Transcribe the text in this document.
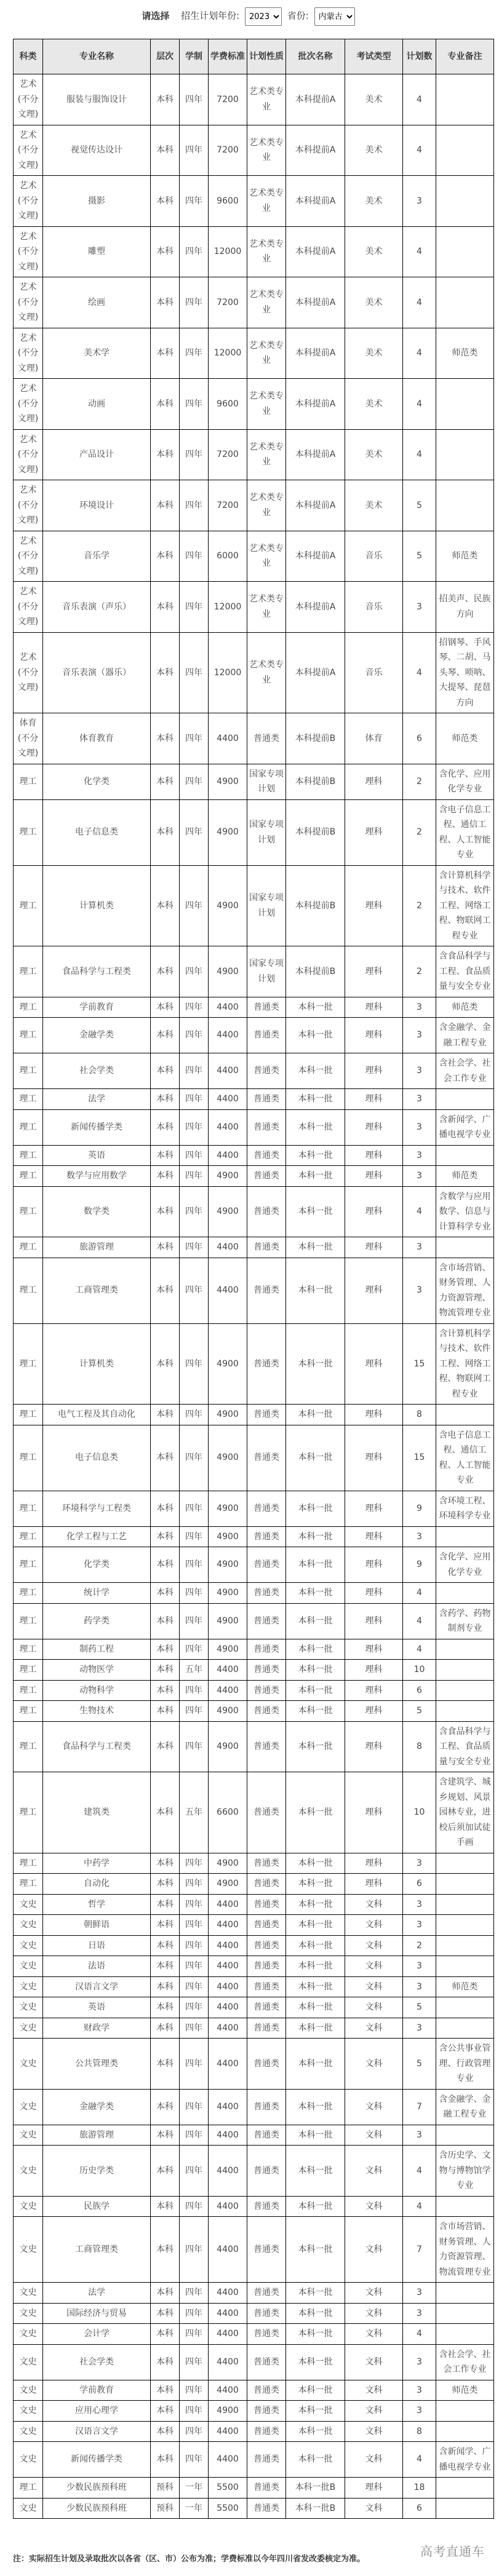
请选择 招生计划年份:
2023	省份:
内蒙古
科类	专业名称	层次	学制	学费标准	计划性质	批次名称	考试类型	计划数	专业备注
艺术(不分文理)	服装与服饰设计	本科	四年	7200	艺术类专业	本科提前A	美术	4	
艺术(不分文理)	视觉传达设计	本科	四年	7200	艺术类专业	本科提前A	美术	4	
艺术(不分文理)	摄影	本科	四年	9600	艺术类专业	本科提前A	美术	3	
艺术(不分文理)	雕塑	本科	四年	12000	艺术类专业	本科提前A	美术	4	
艺术(不分文理)	绘画	本科	四年	7200	艺术类专业	本科提前A	美术	4	
艺术(不分文理)	美术学	本科	四年	12000	艺术类专业	本科提前A	美术	4	师范类
艺术(不分文理)	动画	本科	四年	9600	艺术类专业	本科提前A	美术	4	
艺术(不分文理)	产品设计	本科	四年	7200	艺术类专业	本科提前A	美术	4	
艺术(不分文理)	环境设计	本科	四年	7200	艺术类专业	本科提前A	美术	5	
艺术(不分文理)	音乐学	本科	四年	6000	艺术类专业	本科提前A	音乐	5	师范类
艺术(不分文理)	音乐表演（声乐）	本科	四年	12000	艺术类专业	本科提前A	音乐	3	招美声、民族方向
艺术(不分文理)	音乐表演（器乐）	本科	四年	12000	艺术类专业	本科提前A	音乐	4	招钢琴、手风琴、二胡、马头琴、唢呐、大提琴、琵琶方向
体育(不分文理)	体育教育	本科	四年	4400	普通类	本科提前B	体育	6	师范类
理工	化学类	本科	四年	4900	国家专项计划	本科提前B	理科	2	含化学、应用化学专业
理工	电子信息类	本科	四年	4900	国家专项计划	本科提前B	理科	2	含电子信息工程、通信工程、人工智能专业
理工	计算机类	本科	四年	4900	国家专项计划	本科提前B	理科	2	含计算机科学与技术、软件工程、网络工程、物联网工程专业
理工	食品科学与工程类	本科	四年	4900	国家专项计划	本科提前B	理科	2	含食品科学与工程、食品质量与安全专业
理工	学前教育	本科	四年	4400	普通类	本科一批	理科	3	师范类
理工	金融学类	本科	四年	4400	普通类	本科一批	理科	3	含金融学、金融工程专业
理工	社会学类	本科	四年	4400	普通类	本科一批	理科	3	含社会学、社会工作专业
理工	法学	本科	四年	4400	普通类	本科一批	理科	3	
理工	新闻传播学类	本科	四年	4400	普通类	本科一批	理科	3	含新闻学、广播电视学专业
理工	英语	本科	四年	4400	普通类	本科一批	理科	3	
理工	数学与应用数学	本科	四年	4900	普通类	本科一批	理科	3	师范类
理工	数学类	本科	四年	4900	普通类	本科一批	理科	4	含数学与应用数学、信息与计算科学专业
理工	旅游管理	本科	四年	4400	普通类	本科一批	理科	3	
理工	工商管理类	本科	四年	4400	普通类	本科一批	理科	3	含市场营销、财务管理、人力资源管理、物流管理专业
理工	计算机类	本科	四年	4900	普通类	本科一批	理科	15	含计算机科学与技术、软件工程、网络工程、物联网工程专业
理工	电气工程及其自动化	本科	四年	4900	普通类	本科一批	理科	8	
理工	电子信息类	本科	四年	4900	普通类	本科一批	理科	15	含电子信息工程、通信工程、人工智能专业
理工	环境科学与工程类	本科	四年	4900	普通类	本科一批	理科	9	含环境工程、环境科学专业
理工	化学工程与工艺	本科	四年	4900	普通类	本科一批	理科	3	
理工	化学类	本科	四年	4900	普通类	本科一批	理科	9	含化学、应用化学专业
理工	统计学	本科	四年	4900	普通类	本科一批	理科	4	
理工	药学类	本科	四年	4900	普通类	本科一批	理科	4	含药学、药物制剂专业
理工	制药工程	本科	四年	4900	普通类	本科一批	理科	4	
理工	动物医学	本科	五年	4400	普通类	本科一批	理科	10	
理工	动物科学	本科	四年	4400	普通类	本科一批	理科	6	
理工	生物技术	本科	四年	4900	普通类	本科一批	理科	5	
理工	食品科学与工程类	本科	四年	4900	普通类	本科一批	理科	8	含食品科学与工程、食品质量与安全专业
理工	建筑类	本科	五年	6600	普通类	本科一批	理科	10	含建筑学、城乡规划、风景园林专业，进校后须加试徒手画
理工	中药学	本科	四年	4900	普通类	本科一批	理科	3	
理工	自动化	本科	四年	4900	普通类	本科一批	理科	6	
文史	哲学	本科	四年	4400	普通类	本科一批	文科	3	
文史	朝鲜语	本科	四年	4400	普通类	本科一批	文科	3	
文史	日语	本科	四年	4400	普通类	本科一批	文科	2	
文史	法语	本科	四年	4400	普通类	本科一批	文科	3	
文史	汉语言文学	本科	四年	4400	普通类	本科一批	文科	3	师范类
文史	英语	本科	四年	4400	普通类	本科一批	文科	5	
文史	财政学	本科	四年	4400	普通类	本科一批	文科	3	
文史	公共管理类	本科	四年	4400	普通类	本科一批	文科	5	含公共事业管理、行政管理专业
文史	金融学类	本科	四年	4400	普通类	本科一批	文科	7	含金融学、金融工程专业
文史	旅游管理	本科	四年	4400	普通类	本科一批	文科	3	
文史	历史学类	本科	四年	4400	普通类	本科一批	文科	4	含历史学、文物与博物馆学专业
文史	民族学	本科	四年	4400	普通类	本科一批	文科	4	
文史	工商管理类	本科	四年	4400	普通类	本科一批	文科	7	含市场营销、财务管理、人力资源管理、物流管理专业
文史	法学	本科	四年	4400	普通类	本科一批	文科	3	
文史	国际经济与贸易	本科	四年	4400	普通类	本科一批	文科	3	
文史	会计学	本科	四年	4400	普通类	本科一批	文科	4	
文史	社会学类	本科	四年	4400	普通类	本科一批	文科	3	含社会学、社会工作专业
文史	学前教育	本科	四年	4400	普通类	本科一批	文科	3	师范类
文史	应用心理学	本科	四年	4900	普通类	本科一批	文科	3	
文史	汉语言文学	本科	四年	4400	普通类	本科一批	文科	8	
文史	新闻传播学类	本科	四年	4400	普通类	本科一批	文科	4	含新闻学、广播电视学专业
理工	少数民族预科班	预科	一年	5500	普通类	本科一批B	理科	18	
文史	少数民族预科班	预科	一年	5500	普通类	本科一批B	文科	6	
注：实际招生计划及录取批次以各省（区、市）公布为准；学费标准以今年四川省发改委核定为准。
高考直通车
